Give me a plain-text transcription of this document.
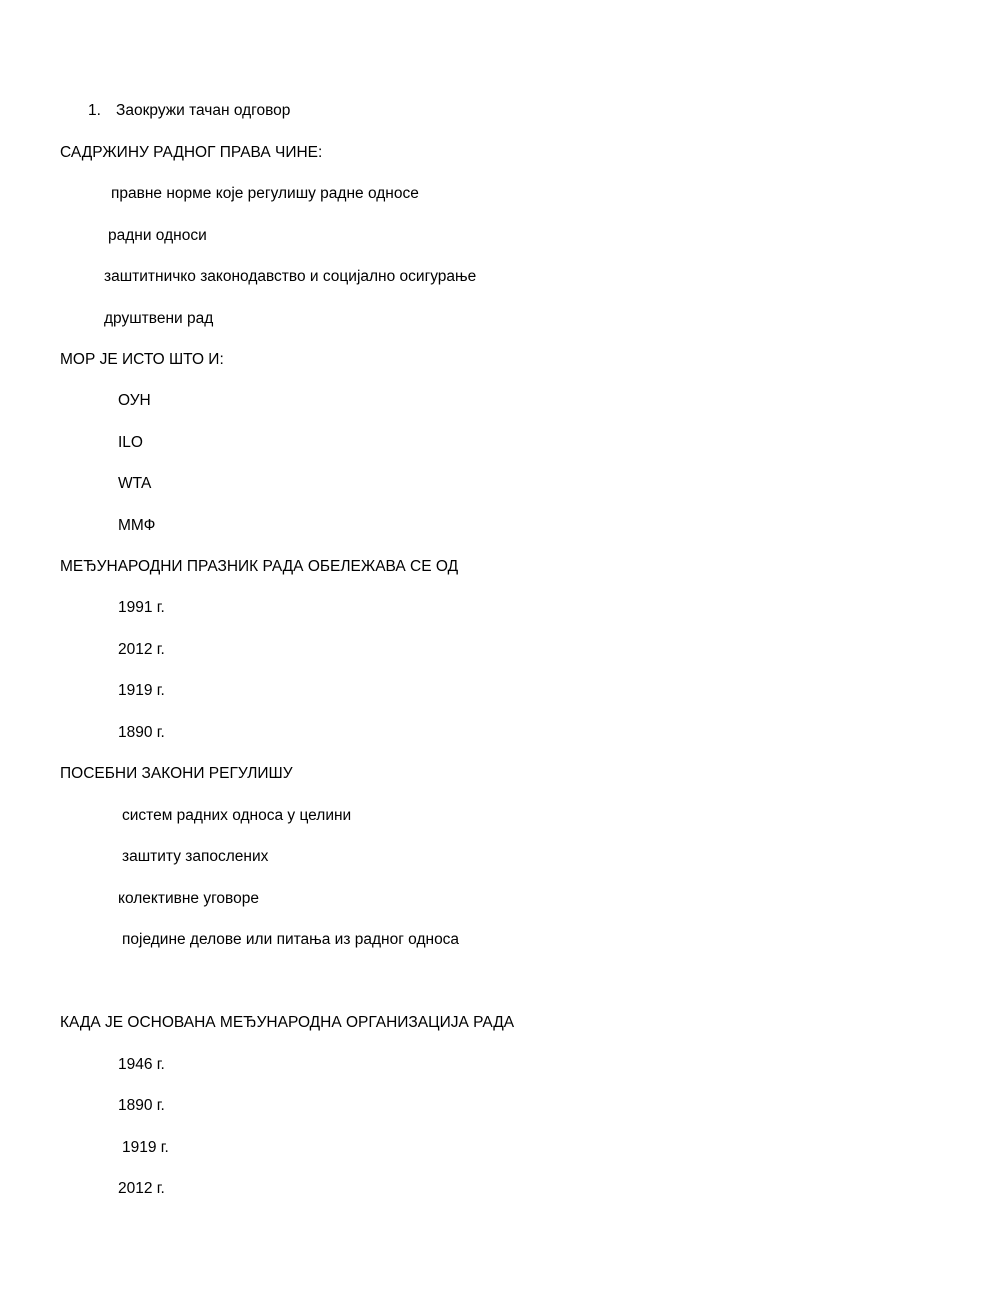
1. Заокружи тачан одговор
САДРЖИНУ РАДНОГ ПРАВА ЧИНЕ:
правне норме које регулишу радне односе
радни односи
заштитничко законодавство и социјално осигурање
друштвени рад
МОР ЈЕ ИСТО ШТО И:
ОУН
ILO
WTA
ММФ
МЕЂУНАРОДНИ ПРАЗНИК РАДА ОБЕЛЕЖАВА СЕ ОД
1991 г.
2012 г.
1919 г.
1890 г.
ПОСЕБНИ ЗАКОНИ РЕГУЛИШУ
систем радних односа у целини
заштиту запослених
колективне уговоре
поједине делове или питања из радног односа
КАДА ЈЕ ОСНОВАНА МЕЂУНАРОДНА ОРГАНИЗАЦИЈА РАДА
1946 г.
1890 г.
1919 г.
2012 г.
